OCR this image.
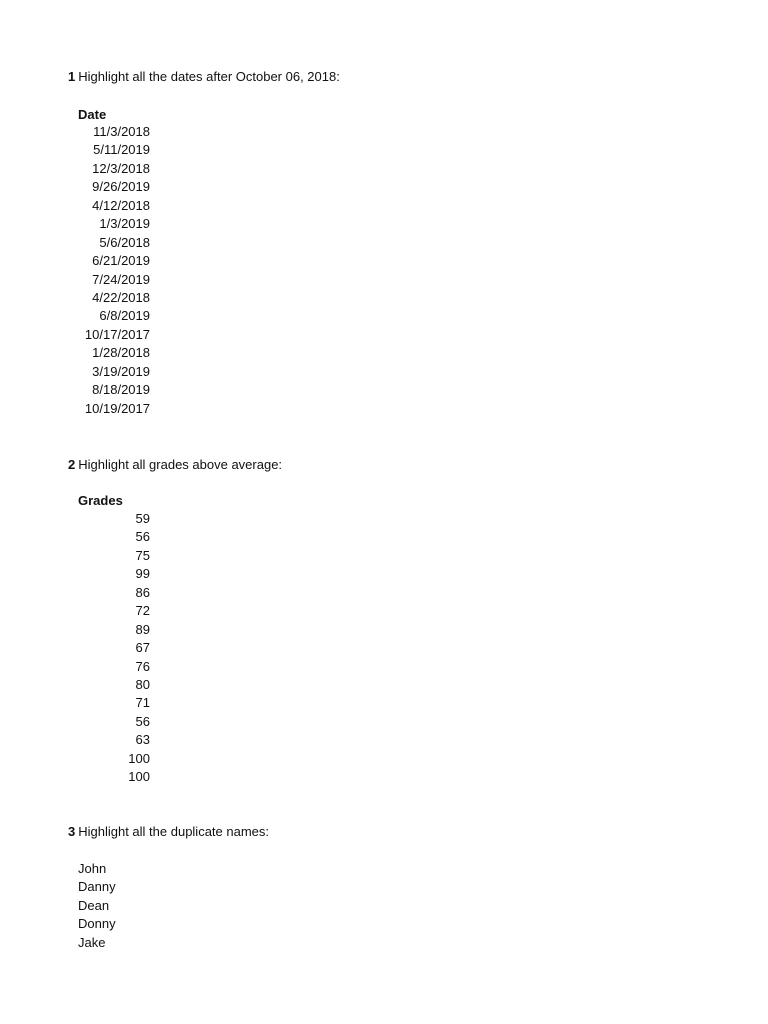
1 Highlight all the dates after October 06, 2018:
Date
11/3/2018
5/11/2019
12/3/2018
9/26/2019
4/12/2018
1/3/2019
5/6/2018
6/21/2019
7/24/2019
4/22/2018
6/8/2019
10/17/2017
1/28/2018
3/19/2019
8/18/2019
10/19/2017
2 Highlight all grades above average:
Grades
59
56
75
99
86
72
89
67
76
80
71
56
63
100
100
3 Highlight all the duplicate names:
John
Danny
Dean
Donny
Jake
